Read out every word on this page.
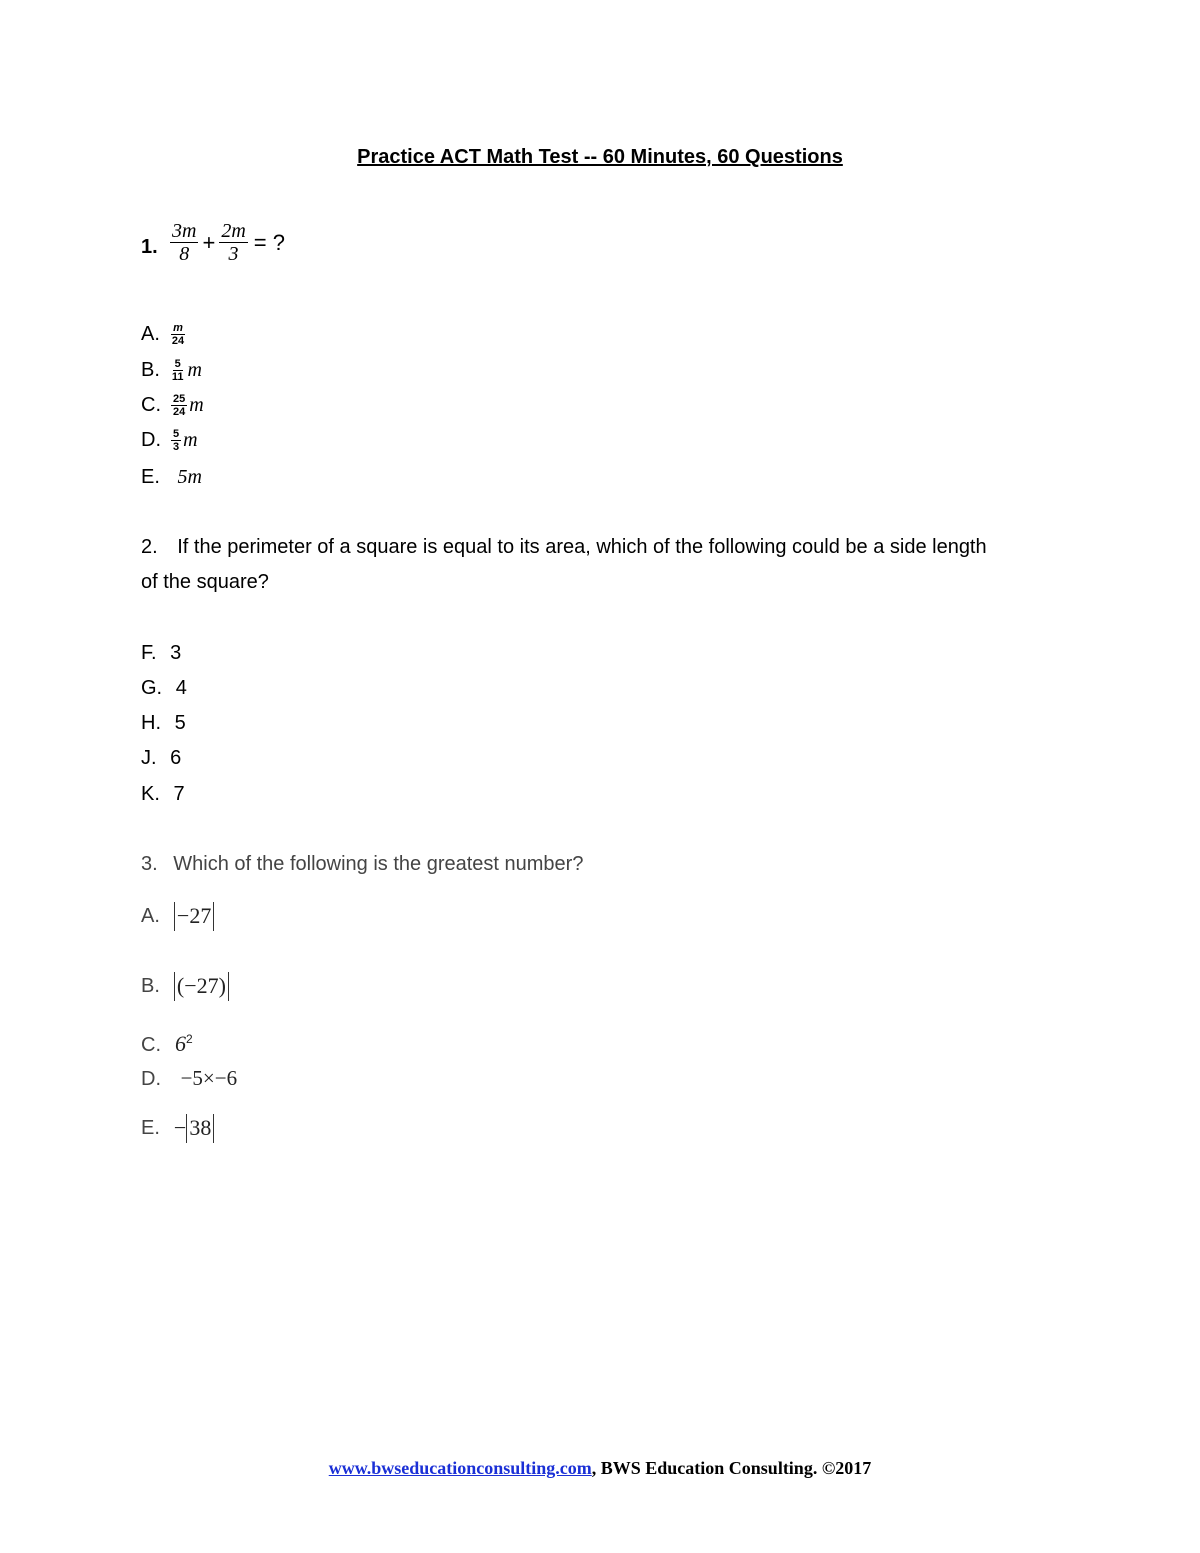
Practice ACT Math Test -- 60 Minutes, 60 Questions
1. $\frac{3m}{8} + \frac{2m}{3}$ = ?
A. $\frac{m}{24}$
B. $\frac{5}{11}$ m
C. $\frac{25}{24}$ m
D. $\frac{5}{3}$ m
E. 5m
2. If the perimeter of a square is equal to its area, which of the following could be a side length
of the square?
F. 3
G. 4
H. 5
J. 6
K. 7
3. Which of the following is the greatest number?
A. −27
B. (−27)
C. $6^2$
D. −5×−6
E. − 38
www.bwseducationconsulting.com, BWS Education Consulting. ©2017
